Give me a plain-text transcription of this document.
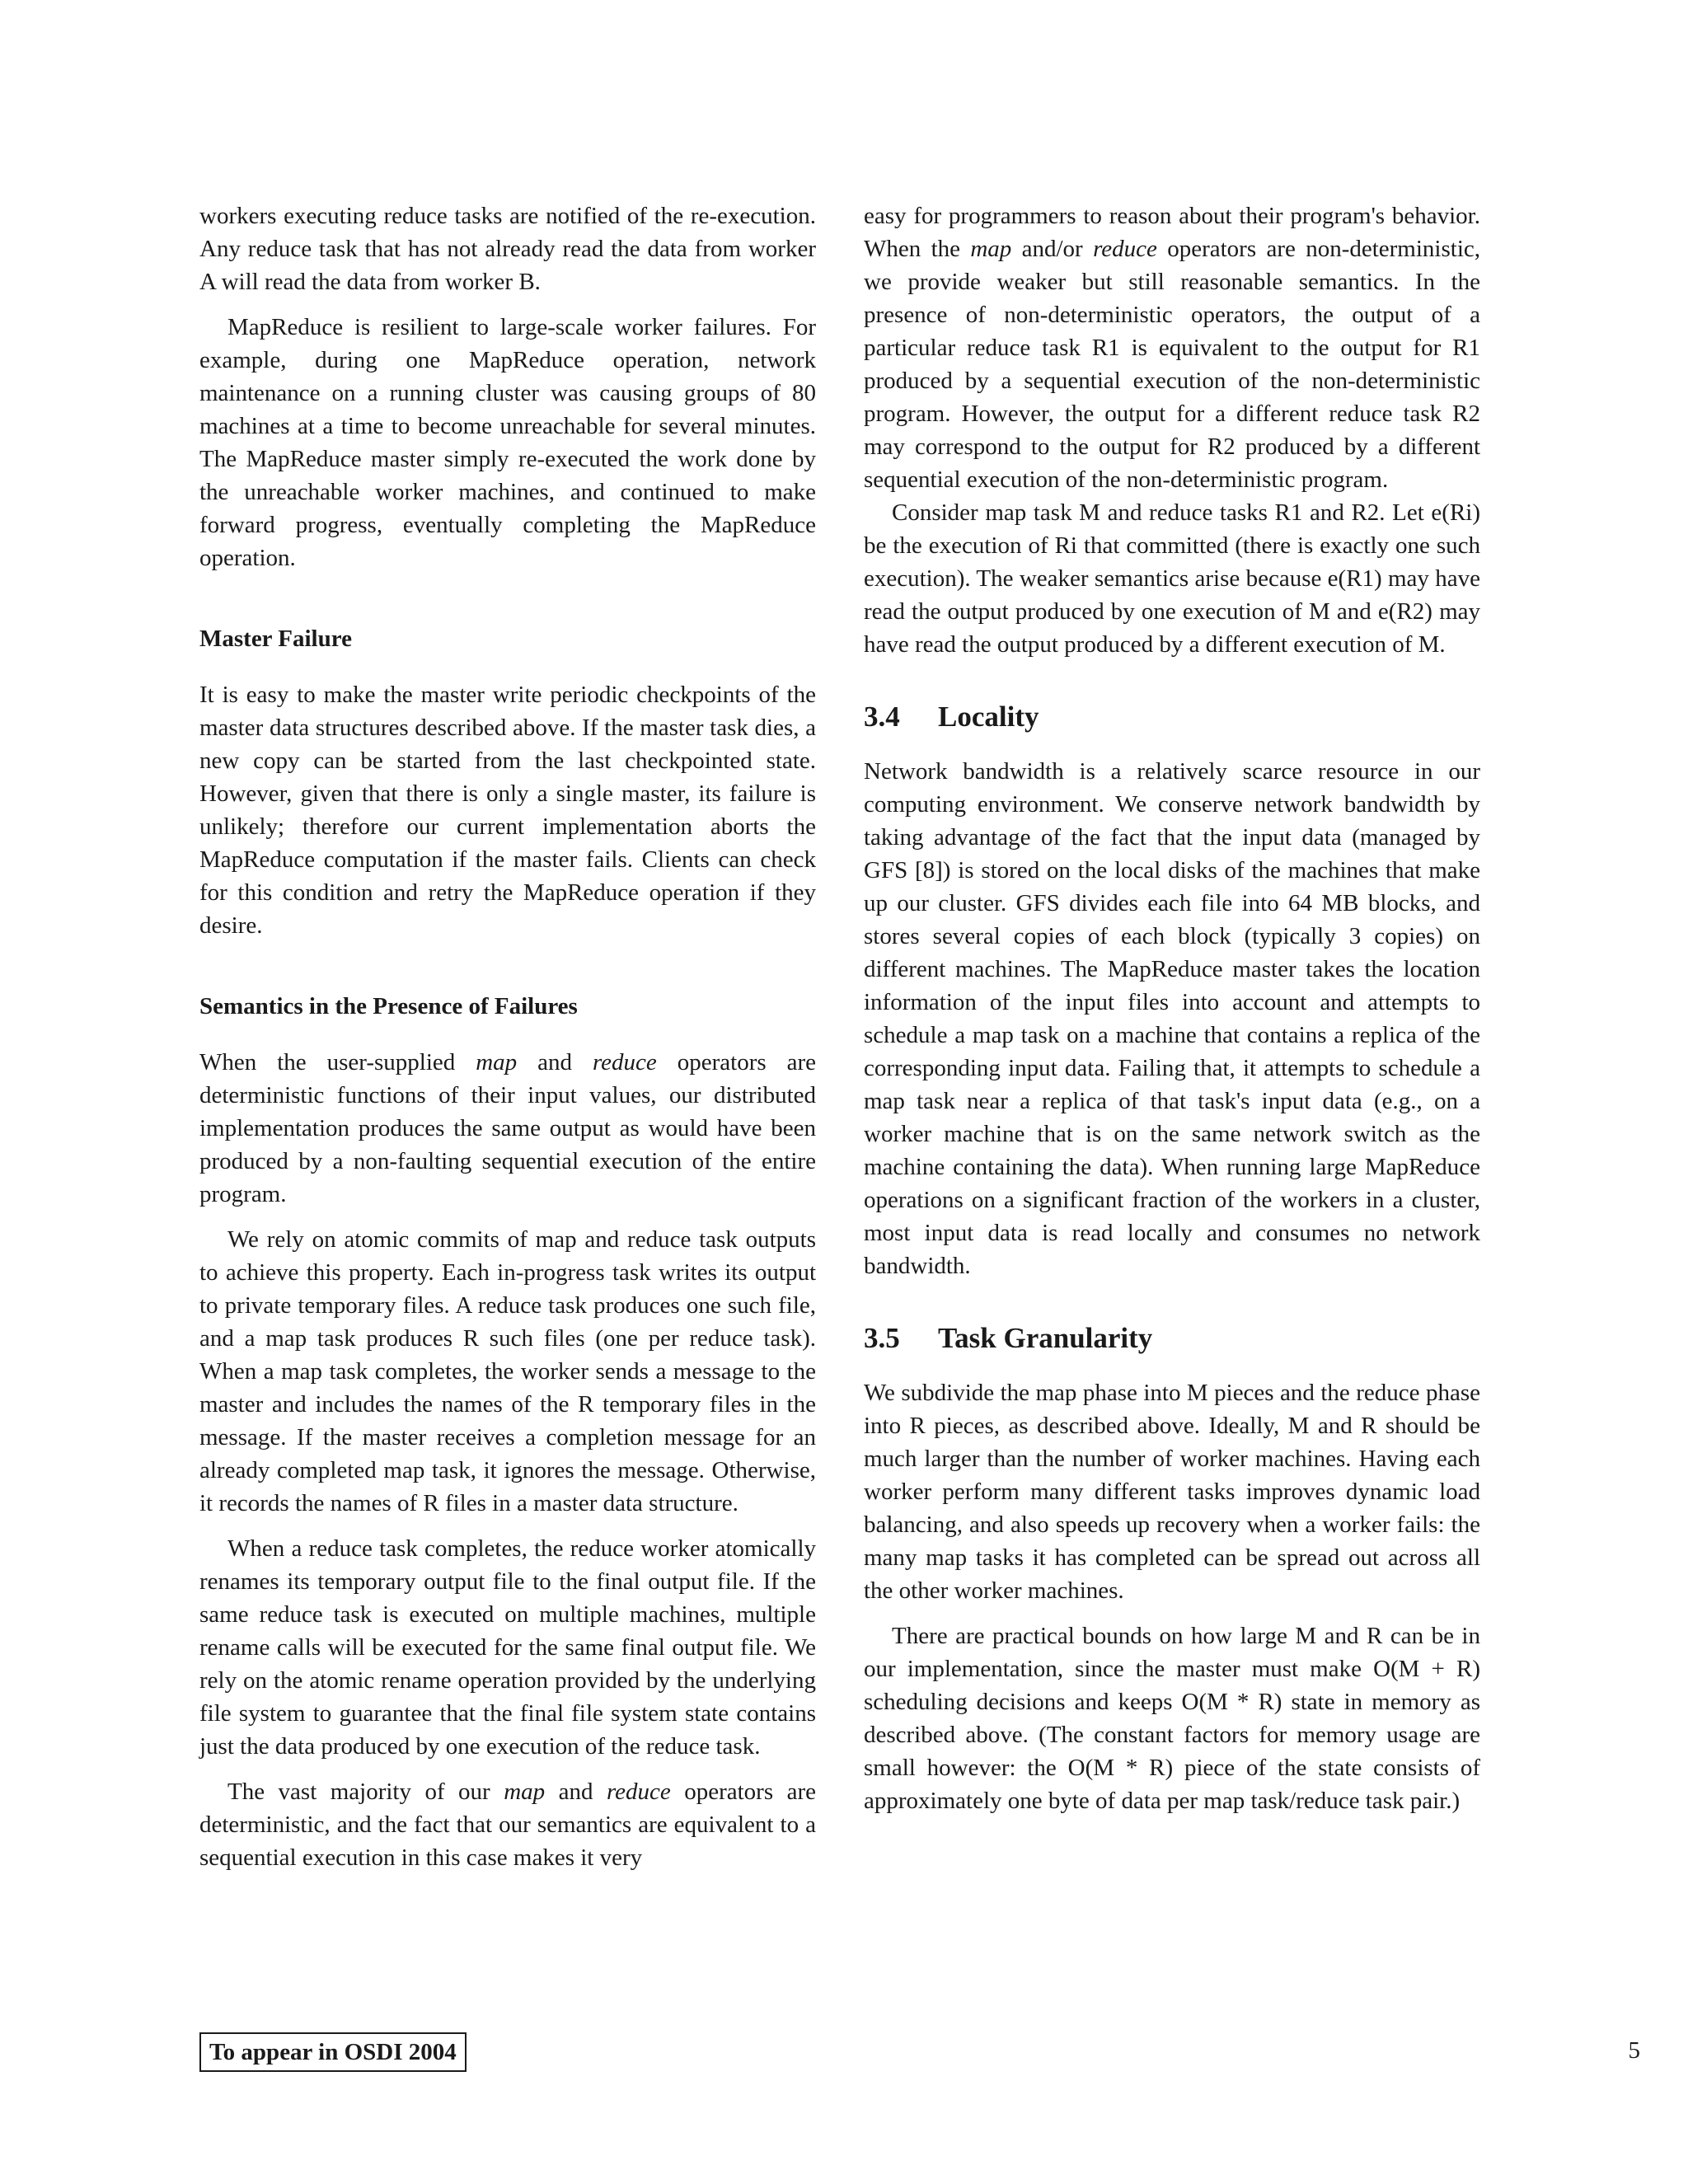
workers executing reduce tasks are notified of the re-execution. Any reduce task that has not already read the data from worker A will read the data from worker B.

MapReduce is resilient to large-scale worker failures. For example, during one MapReduce operation, network maintenance on a running cluster was causing groups of 80 machines at a time to become unreachable for several minutes. The MapReduce master simply re-executed the work done by the unreachable worker machines, and continued to make forward progress, eventually completing the MapReduce operation.

Master Failure

It is easy to make the master write periodic checkpoints of the master data structures described above. If the master task dies, a new copy can be started from the last checkpointed state. However, given that there is only a single master, its failure is unlikely; therefore our current implementation aborts the MapReduce computation if the master fails. Clients can check for this condition and retry the MapReduce operation if they desire.

Semantics in the Presence of Failures

When the user-supplied map and reduce operators are deterministic functions of their input values, our distributed implementation produces the same output as would have been produced by a non-faulting sequential execution of the entire program.

We rely on atomic commits of map and reduce task outputs to achieve this property. Each in-progress task writes its output to private temporary files. A reduce task produces one such file, and a map task produces R such files (one per reduce task). When a map task completes, the worker sends a message to the master and includes the names of the R temporary files in the message. If the master receives a completion message for an already completed map task, it ignores the message. Otherwise, it records the names of R files in a master data structure.

When a reduce task completes, the reduce worker atomically renames its temporary output file to the final output file. If the same reduce task is executed on multiple machines, multiple rename calls will be executed for the same final output file. We rely on the atomic rename operation provided by the underlying file system to guarantee that the final file system state contains just the data produced by one execution of the reduce task.

The vast majority of our map and reduce operators are deterministic, and the fact that our semantics are equivalent to a sequential execution in this case makes it very

easy for programmers to reason about their program's behavior. When the map and/or reduce operators are non-deterministic, we provide weaker but still reasonable semantics. In the presence of non-deterministic operators, the output of a particular reduce task R1 is equivalent to the output for R1 produced by a sequential execution of the non-deterministic program. However, the output for a different reduce task R2 may correspond to the output for R2 produced by a different sequential execution of the non-deterministic program.

Consider map task M and reduce tasks R1 and R2. Let e(Ri) be the execution of Ri that committed (there is exactly one such execution). The weaker semantics arise because e(R1) may have read the output produced by one execution of M and e(R2) may have read the output produced by a different execution of M.

3.4 Locality

Network bandwidth is a relatively scarce resource in our computing environment. We conserve network bandwidth by taking advantage of the fact that the input data (managed by GFS [8]) is stored on the local disks of the machines that make up our cluster. GFS divides each file into 64 MB blocks, and stores several copies of each block (typically 3 copies) on different machines. The MapReduce master takes the location information of the input files into account and attempts to schedule a map task on a machine that contains a replica of the corresponding input data. Failing that, it attempts to schedule a map task near a replica of that task's input data (e.g., on a worker machine that is on the same network switch as the machine containing the data). When running large MapReduce operations on a significant fraction of the workers in a cluster, most input data is read locally and consumes no network bandwidth.

3.5 Task Granularity

We subdivide the map phase into M pieces and the reduce phase into R pieces, as described above. Ideally, M and R should be much larger than the number of worker machines. Having each worker perform many different tasks improves dynamic load balancing, and also speeds up recovery when a worker fails: the many map tasks it has completed can be spread out across all the other worker machines.

There are practical bounds on how large M and R can be in our implementation, since the master must make O(M + R) scheduling decisions and keeps O(M * R) state in memory as described above. (The constant factors for memory usage are small however: the O(M * R) piece of the state consists of approximately one byte of data per map task/reduce task pair.)

To appear in OSDI 2004	5
